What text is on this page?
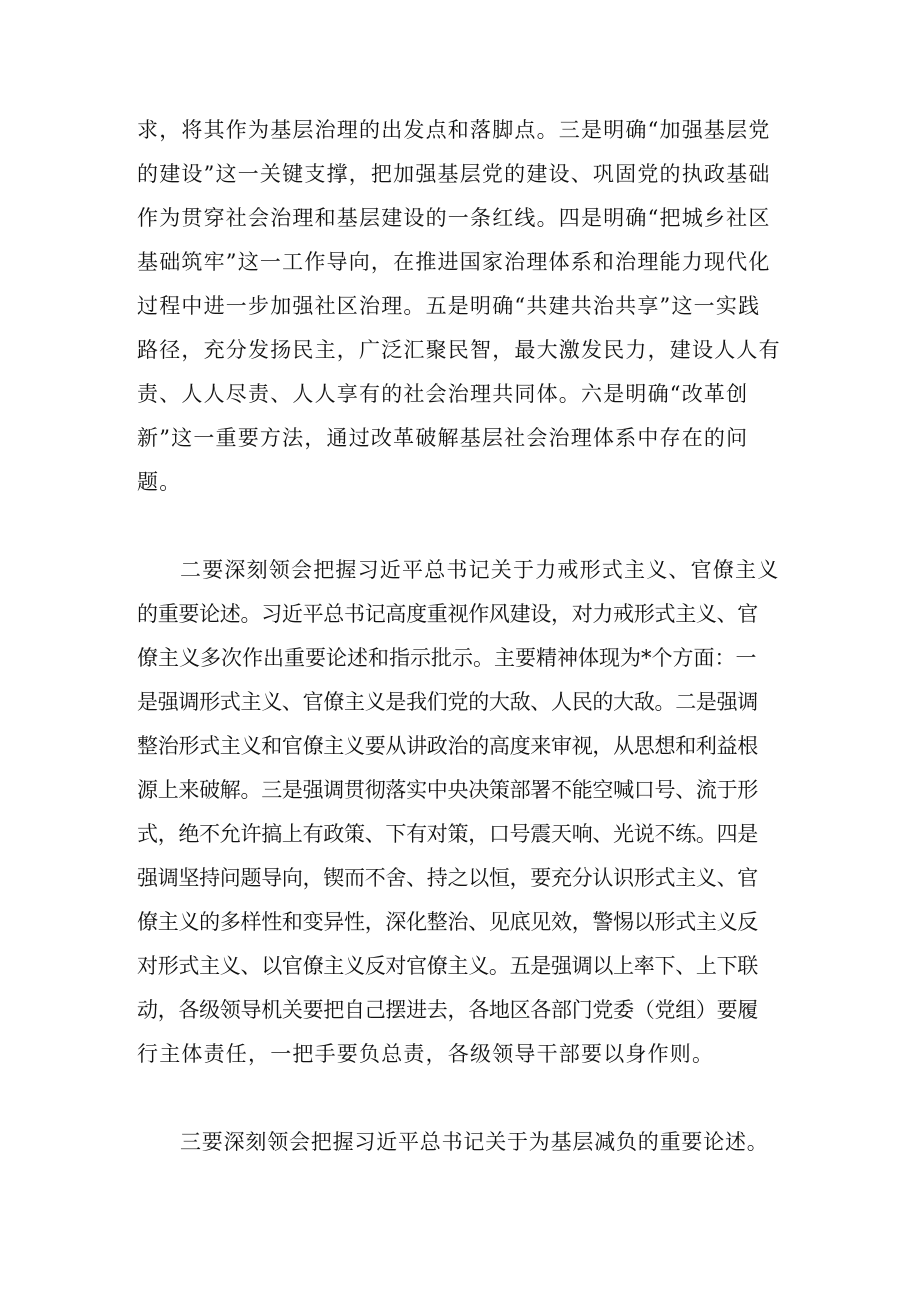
求，将其作为基层治理的出发点和落脚点。三是明确“加强基层党
的建设”这一关键支撑，把加强基层党的建设、巩固党的执政基础
作为贯穿社会治理和基层建设的一条红线。四是明确“把城乡社区
基础筑牢”这一工作导向，在推进国家治理体系和治理能力现代化
过程中进一步加强社区治理。五是明确“共建共治共享”这一实践
路径，充分发扬民主，广泛汇聚民智，最大激发民力，建设人人有
责、人人尽责、人人享有的社会治理共同体。六是明确“改革创
新”这一重要方法，通过改革破解基层社会治理体系中存在的问
题。
二要深刻领会把握习近平总书记关于力戒形式主义、官僚主义
的重要论述。习近平总书记高度重视作风建设，对力戒形式主义、官
僚主义多次作出重要论述和指示批示。主要精神体现为*个方面：一
是强调形式主义、官僚主义是我们党的大敌、人民的大敌。二是强调
整治形式主义和官僚主义要从讲政治的高度来审视，从思想和利益根
源上来破解。三是强调贯彻落实中央决策部署不能空喊口号、流于形
式，绝不允许搞上有政策、下有对策，口号震天响、光说不练。四是
强调坚持问题导向，锲而不舍、持之以恒，要充分认识形式主义、官
僚主义的多样性和变异性，深化整治、见底见效，警惕以形式主义反
对形式主义、以官僚主义反对官僚主义。五是强调以上率下、上下联
动，各级领导机关要把自己摆进去，各地区各部门党委（党组）要履
行主体责任，一把手要负总责，各级领导干部要以身作则。
三要深刻领会把握习近平总书记关于为基层减负的重要论述。
